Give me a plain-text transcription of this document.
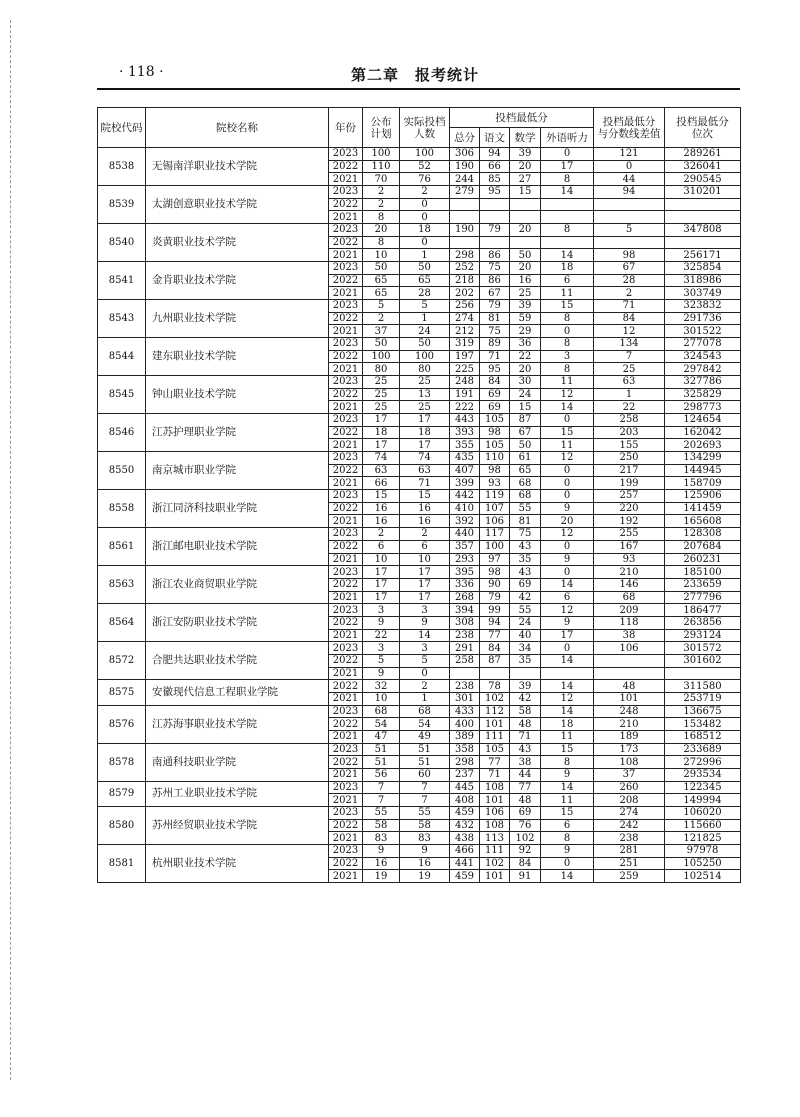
· 118 ·	第二章　报考统计
院校代码	院校名称	年份	公布
计划	实际投档
人数	投档最低分				投档最低分
与分数线差值	投档最低分
位次
					总分	语文	数学	外语听力		
8538	无锡南洋职业技术学院	2023	100	100	306	94	39	0	121	289261
		2022	110	52	190	66	20	17	0	326041
		2021	70	76	244	85	27	8	44	290545
8539	太湖创意职业技术学院	2023	2	2	279	95	15	14	94	310201
		2022	2	0						
		2021	8	0						
8540	炎黄职业技术学院	2023	20	18	190	79	20	8	5	347808
		2022	8	0						
		2021	10	1	298	86	50	14	98	256171
8541	金肯职业技术学院	2023	50	50	252	75	20	18	67	325854
		2022	65	65	218	86	16	6	28	318986
		2021	65	28	202	67	25	11	2	303749
8543	九州职业技术学院	2023	5	5	256	79	39	15	71	323832
		2022	2	1	274	81	59	8	84	291736
		2021	37	24	212	75	29	0	12	301522
8544	建东职业技术学院	2023	50	50	319	89	36	8	134	277078
		2022	100	100	197	71	22	3	7	324543
		2021	80	80	225	95	20	8	25	297842
8545	钟山职业技术学院	2023	25	25	248	84	30	11	63	327786
		2022	25	13	191	69	24	12	1	325829
		2021	25	25	222	69	15	14	22	298773
8546	江苏护理职业学院	2023	17	17	443	105	87	0	258	124654
		2022	18	18	393	98	67	15	203	162042
		2021	17	17	355	105	50	11	155	202693
8550	南京城市职业学院	2023	74	74	435	110	61	12	250	134299
		2022	63	63	407	98	65	0	217	144945
		2021	66	71	399	93	68	0	199	158709
8558	浙江同济科技职业学院	2023	15	15	442	119	68	0	257	125906
		2022	16	16	410	107	55	9	220	141459
		2021	16	16	392	106	81	20	192	165608
8561	浙江邮电职业技术学院	2023	2	2	440	117	75	12	255	128308
		2022	6	6	357	100	43	0	167	207684
		2021	10	10	293	97	35	9	93	260231
8563	浙江农业商贸职业学院	2023	17	17	395	98	43	0	210	185100
		2022	17	17	336	90	69	14	146	233659
		2021	17	17	268	79	42	6	68	277796
8564	浙江安防职业技术学院	2023	3	3	394	99	55	12	209	186477
		2022	9	9	308	94	24	9	118	263856
		2021	22	14	238	77	40	17	38	293124
8572	合肥共达职业技术学院	2023	3	3	291	84	34	0	106	301572
		2022	5	5	258	87	35	14		301602
		2021	9	0						
8575	安徽现代信息工程职业学院	2022	32	2	238	78	39	14	48	311580
		2021	10	1	301	102	42	12	101	253719
8576	江苏海事职业技术学院	2023	68	68	433	112	58	14	248	136675
		2022	54	54	400	101	48	18	210	153482
		2021	47	49	389	111	71	11	189	168512
8578	南通科技职业学院	2023	51	51	358	105	43	15	173	233689
		2022	51	51	298	77	38	8	108	272996
		2021	56	60	237	71	44	9	37	293534
8579	苏州工业职业技术学院	2023	7	7	445	108	77	14	260	122345
		2021	7	7	408	101	48	11	208	149994
8580	苏州经贸职业技术学院	2023	55	55	459	106	69	15	274	106020
		2022	58	58	432	108	76	6	242	115660
		2021	83	83	438	113	102	8	238	121825
8581	杭州职业技术学院	2023	9	9	466	111	92	9	281	97978
		2022	16	16	441	102	84	0	251	105250
		2021	19	19	459	101	91	14	259	102514
